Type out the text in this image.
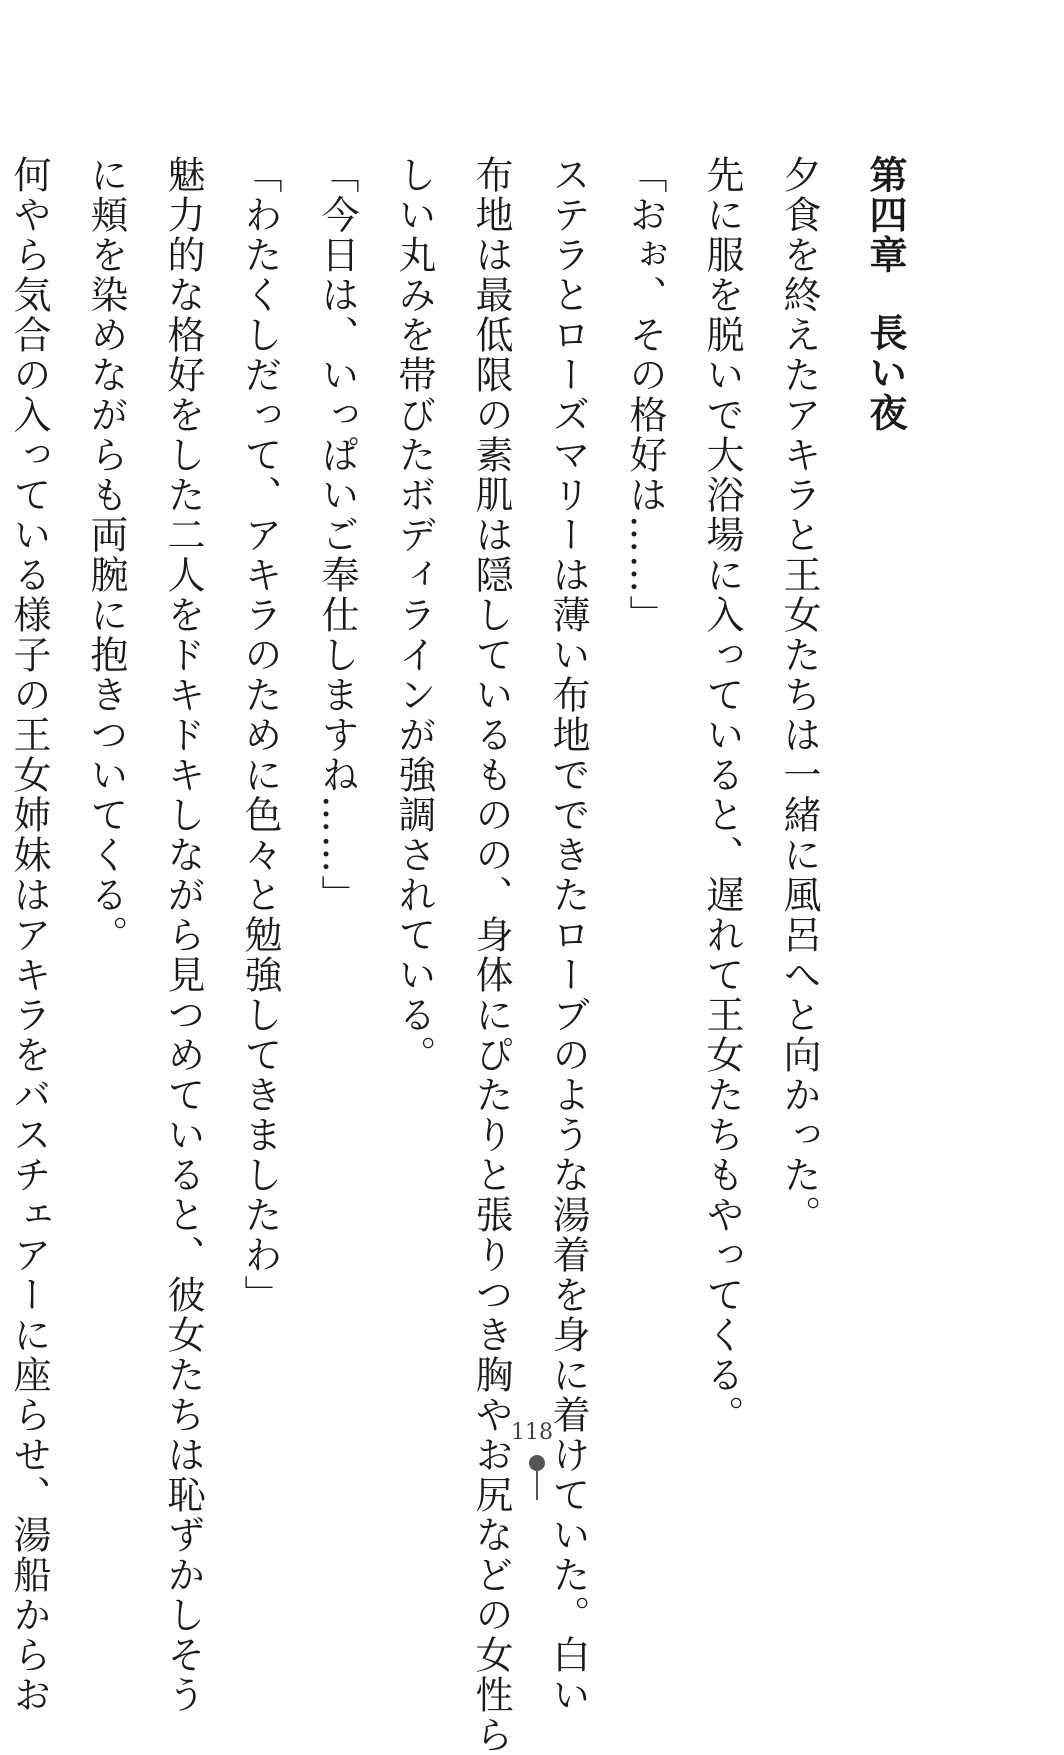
第四章　長い夜
夕食を終えたアキラと王女たちは一緒に風呂へと向かった。
先に服を脱いで大浴場に入っていると、遅れて王女たちもやってくる。
「おぉ、その格好は……」
ステラとローズマリーは薄い布地でできたローブのような湯着を身に着けていた。白い
布地は最低限の素肌は隠しているものの、身体にぴたりと張りつき胸やお尻などの女性ら
しい丸みを帯びたボディラインが強調されている。
「今日は、いっぱいご奉仕しますね……」
「わたくしだって、アキラのために色々と勉強してきましたわ」
魅力的な格好をした二人をドキドキしながら見つめていると、彼女たちは恥ずかしそう
に頬を染めながらも両腕に抱きついてくる。
何やら気合の入っている様子の王女姉妹はアキラをバスチェアーに座らせ、湯船からお	118
